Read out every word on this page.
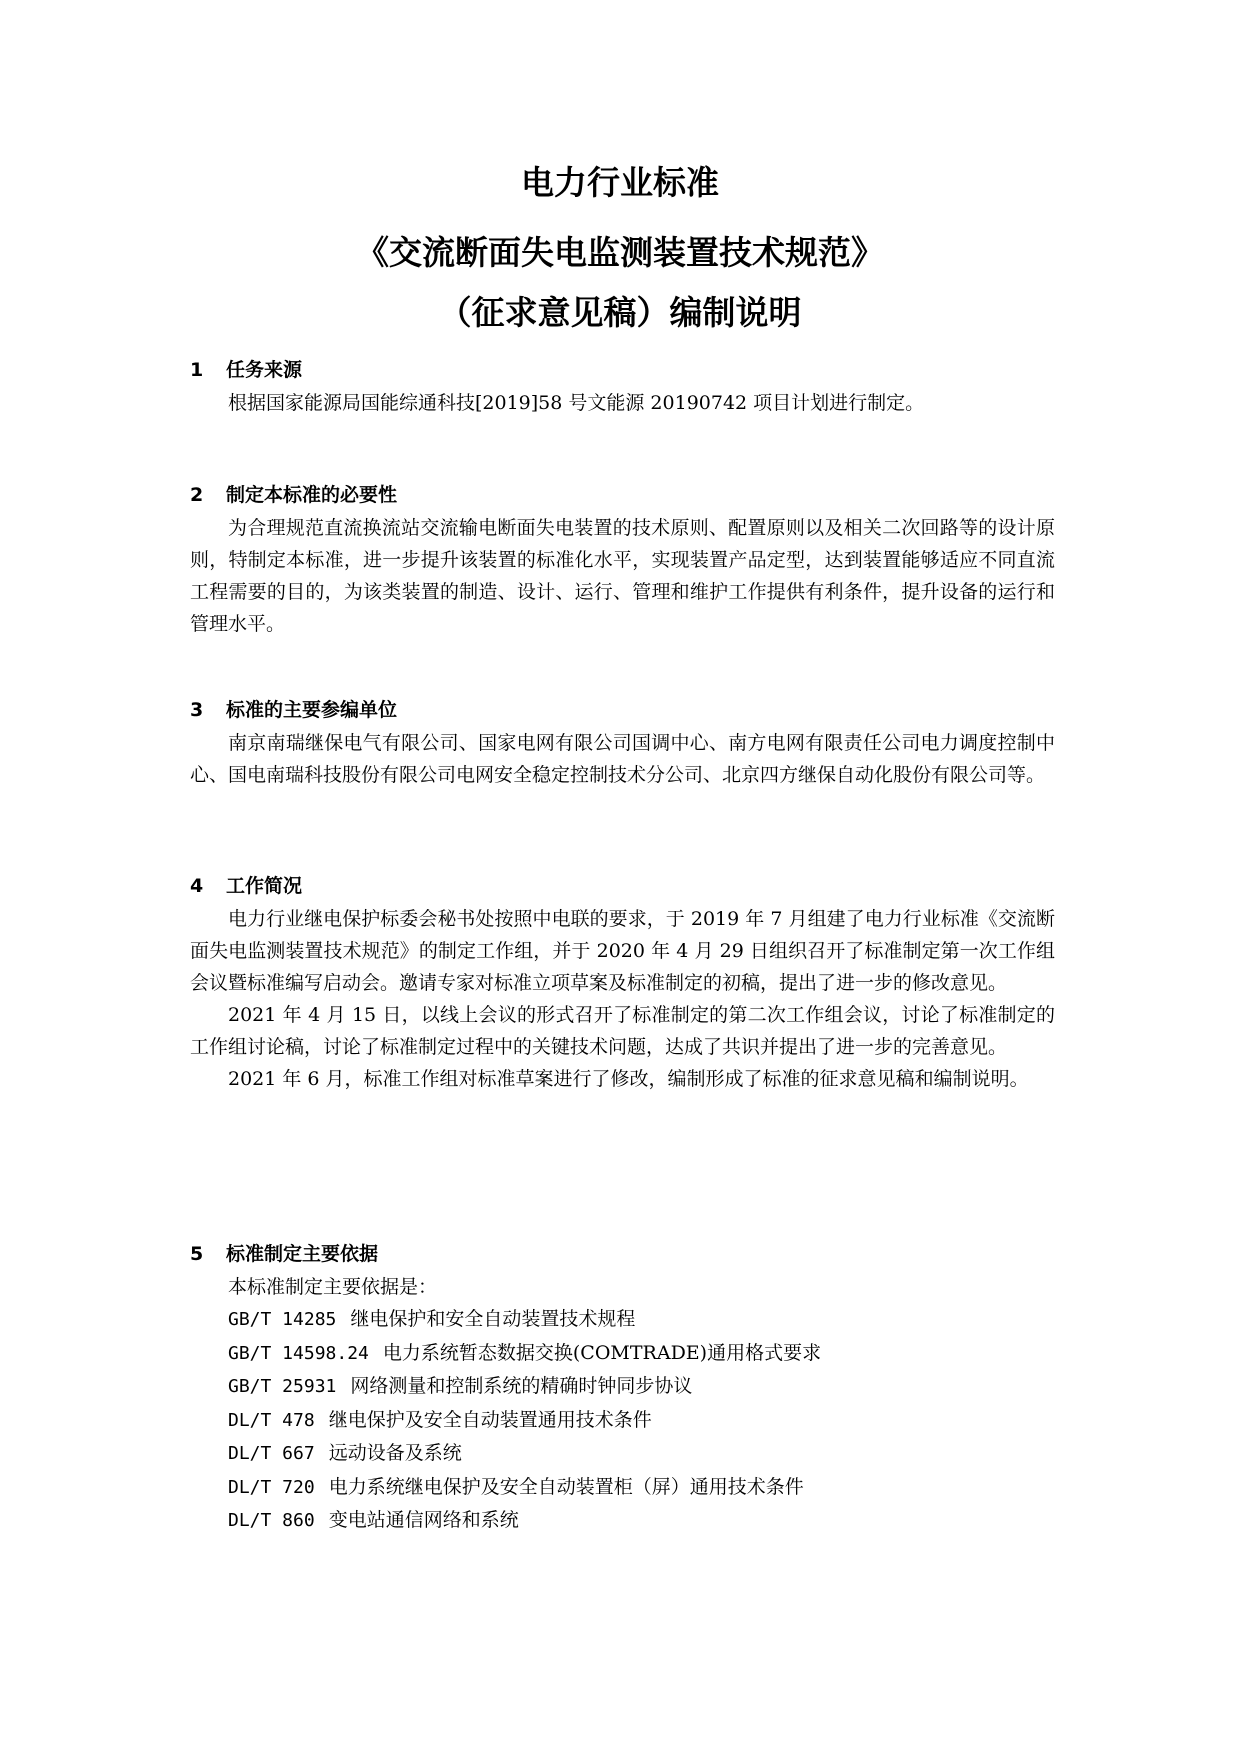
电力行业标准
《交流断面失电监测装置技术规范》
（征求意见稿）编制说明
1 任务来源

根据国家能源局国能综通科技[2019]58 号文能源 20190742 项目计划进行制定。

2 制定本标准的必要性

为合理规范直流换流站交流输电断面失电装置的技术原则、配置原则以及相关二次回路等的设计原则，特制定本标准，进一步提升该装置的标准化水平，实现装置产品定型，达到装置能够适应不同直流工程需要的目的，为该类装置的制造、设计、运行、管理和维护工作提供有利条件，提升设备的运行和管理水平。

3 标准的主要参编单位

南京南瑞继保电气有限公司、国家电网有限公司国调中心、南方电网有限责任公司电力调度控制中心、国电南瑞科技股份有限公司电网安全稳定控制技术分公司、北京四方继保自动化股份有限公司等。

4 工作简况

电力行业继电保护标委会秘书处按照中电联的要求，于 2019 年 7 月组建了电力行业标准《交流断面失电监测装置技术规范》的制定工作组，并于 2020 年 4 月 29 日组织召开了标准制定第一次工作组会议暨标准编写启动会。邀请专家对标准立项草案及标准制定的初稿，提出了进一步的修改意见。

2021 年 4 月 15 日，以线上会议的形式召开了标准制定的第二次工作组会议，讨论了标准制定的工作组讨论稿，讨论了标准制定过程中的关键技术问题，达成了共识并提出了进一步的完善意见。

2021 年 6 月，标准工作组对标准草案进行了修改，编制形成了标准的征求意见稿和编制说明。

5 标准制定主要依据

本标准制定主要依据是：

GB/T 14285 继电保护和安全自动装置技术规程
GB/T 14598.24 电力系统暂态数据交换(COMTRADE)通用格式要求
GB/T 25931 网络测量和控制系统的精确时钟同步协议
DL/T 478 继电保护及安全自动装置通用技术条件
DL/T 667 远动设备及系统
DL/T 720 电力系统继电保护及安全自动装置柜（屏）通用技术条件
DL/T 860 变电站通信网络和系统
